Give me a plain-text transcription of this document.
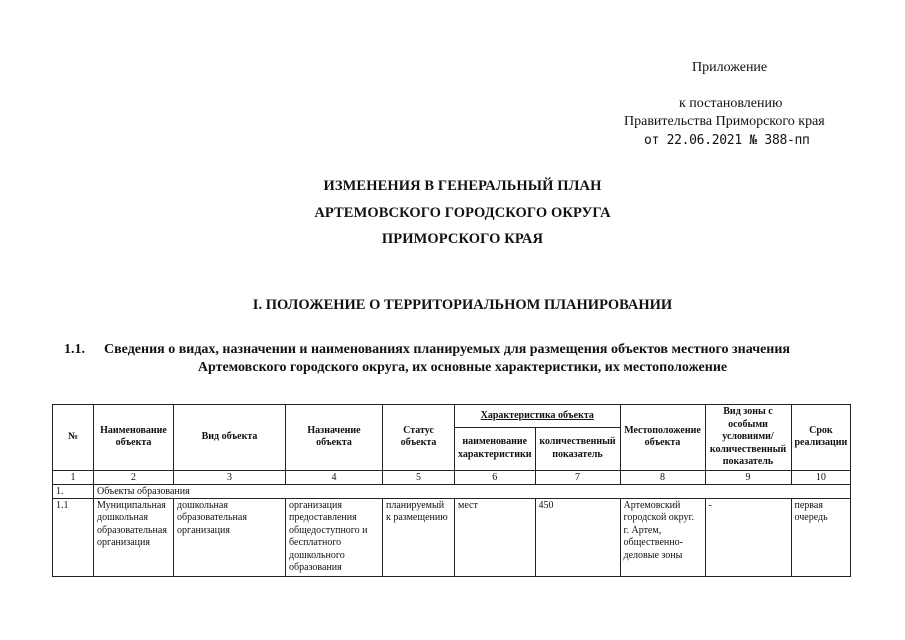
Приложение
к постановлению
Правительства Приморского края
от 22.06.2021 № 388-пп
ИЗМЕНЕНИЯ В ГЕНЕРАЛЬНЫЙ ПЛАН
АРТЕМОВСКОГО ГОРОДСКОГО ОКРУГА
ПРИМОРСКОГО КРАЯ
I. ПОЛОЖЕНИЕ О ТЕРРИТОРИАЛЬНОМ ПЛАНИРОВАНИИ
1.1. Сведения о видах, назначении и наименованиях планируемых для размещения объектов местного значения
Артемовского городского округа, их основные характеристики, их местоположение
№	Наименование объекта	Вид объекта	Назначение объекта	Статус объекта	Характеристика объекта		Местоположение объекта	Вид зоны с особыми условиями/ количественный показатель	Срок реализации
					наименование характеристики	количественный показатель			
1	2	3	4	5	6	7	8	9	10
1.	Объекты образования								
1.1	Муниципальная дошкольная образовательная организация	дошкольная образовательная организация	организация предоставления общедоступного и бесплатного дошкольного образования	планируемый к размещению	мест	450	Артемовский городской округ. г. Артем, общественно-деловые зоны	-	первая очередь
